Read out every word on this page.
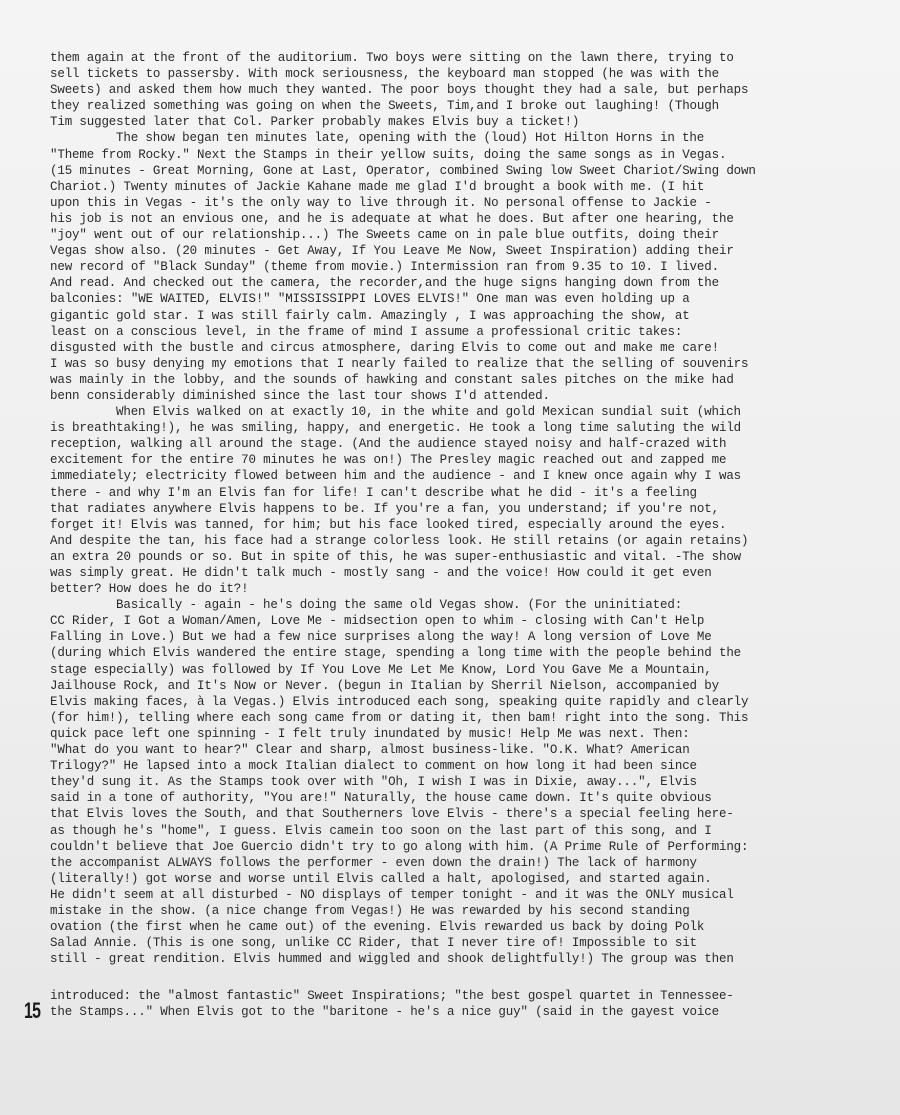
them again at the front of the auditorium. Two boys were sitting on the lawn there, trying to
sell tickets to passersby. With mock seriousness, the keyboard man stopped (he was with the
Sweets) and asked them how much they wanted. The poor boys thought they had a sale, but perhaps
they realized something was going on when the Sweets, Tim,and I broke out laughing! (Though
Tim suggested later that Col. Parker probably makes Elvis buy a ticket!)
The show began ten minutes late, opening with the (loud) Hot Hilton Horns in the
"Theme from Rocky." Next the Stamps in their yellow suits, doing the same songs as in Vegas.
(15 minutes - Great Morning, Gone at Last, Operator, combined Swing low Sweet Chariot/Swing down
Chariot.) Twenty minutes of Jackie Kahane made me glad I'd brought a book with me. (I hit
upon this in Vegas - it's the only way to live through it. No personal offense to Jackie -
his job is not an envious one, and he is adequate at what he does. But after one hearing, the
"joy" went out of our relationship...) The Sweets came on in pale blue outfits, doing their
Vegas show also. (20 minutes - Get Away, If You Leave Me Now, Sweet Inspiration) adding their
new record of "Black Sunday" (theme from movie.) Intermission ran from 9.35 to 10. I lived.
And read. And checked out the camera, the recorder,and the huge signs hanging down from the
balconies: "WE WAITED, ELVIS!" "MISSISSIPPI LOVES ELVIS!" One man was even holding up a
gigantic gold star. I was still fairly calm. Amazingly , I was approaching the show, at
least on a conscious level, in the frame of mind I assume a professional critic takes:
disgusted with the bustle and circus atmosphere, daring Elvis to come out and make me care!
I was so busy denying my emotions that I nearly failed to realize that the selling of souvenirs
was mainly in the lobby, and the sounds of hawking and constant sales pitches on the mike had
benn considerably diminished since the last tour shows I'd attended.
When Elvis walked on at exactly 10, in the white and gold Mexican sundial suit (which
is breathtaking!), he was smiling, happy, and energetic. He took a long time saluting the wild
reception, walking all around the stage. (And the audience stayed noisy and half-crazed with
excitement for the entire 70 minutes he was on!) The Presley magic reached out and zapped me
immediately; electricity flowed between him and the audience - and I knew once again why I was
there - and why I'm an Elvis fan for life! I can't describe what he did - it's a feeling
that radiates anywhere Elvis happens to be. If you're a fan, you understand; if you're not,
forget it! Elvis was tanned, for him; but his face looked tired, especially around the eyes.
And despite the tan, his face had a strange colorless look. He still retains (or again retains)
an extra 20 pounds or so. But in spite of this, he was super-enthusiastic and vital. -The show
was simply great. He didn't talk much - mostly sang - and the voice! How could it get even
better? How does he do it?!
Basically - again - he's doing the same old Vegas show. (For the uninitiated:
CC Rider, I Got a Woman/Amen, Love Me - midsection open to whim - closing with Can't Help
Falling in Love.) But we had a few nice surprises along the way! A long version of Love Me
(during which Elvis wandered the entire stage, spending a long time with the people behind the
stage especially) was followed by If You Love Me Let Me Know, Lord You Gave Me a Mountain,
Jailhouse Rock, and It's Now or Never. (begun in Italian by Sherril Nielson, accompanied by
Elvis making faces, à la Vegas.) Elvis introduced each song, speaking quite rapidly and clearly
(for him!), telling where each song came from or dating it, then bam! right into the song. This
quick pace left one spinning - I felt truly inundated by music! Help Me was next. Then:
"What do you want to hear?" Clear and sharp, almost business-like. "O.K. What? American
Trilogy?" He lapsed into a mock Italian dialect to comment on how long it had been since
they'd sung it. As the Stamps took over with "Oh, I wish I was in Dixie, away...", Elvis
said in a tone of authority, "You are!" Naturally, the house came down. It's quite obvious
that Elvis loves the South, and that Southerners love Elvis - there's a special feeling here-
as though he's "home", I guess. Elvis camein too soon on the last part of this song, and I
couldn't believe that Joe Guercio didn't try to go along with him. (A Prime Rule of Performing:
the accompanist ALWAYS follows the performer - even down the drain!) The lack of harmony
(literally!) got worse and worse until Elvis called a halt, apologised, and started again.
He didn't seem at all disturbed - NO displays of temper tonight - and it was the ONLY musical
mistake in the show. (a nice change from Vegas!) He was rewarded by his second standing
ovation (the first when he came out) of the evening. Elvis rewarded us back by doing Polk
Salad Annie. (This is one song, unlike CC Rider, that I never tire of! Impossible to sit
still - great rendition. Elvis hummed and wiggled and shook delightfully!) The group was then
15
introduced: the "almost fantastic" Sweet Inspirations; "the best gospel quartet in Tennessee-
the Stamps..." When Elvis got to the "baritone - he's a nice guy" (said in the gayest voice
